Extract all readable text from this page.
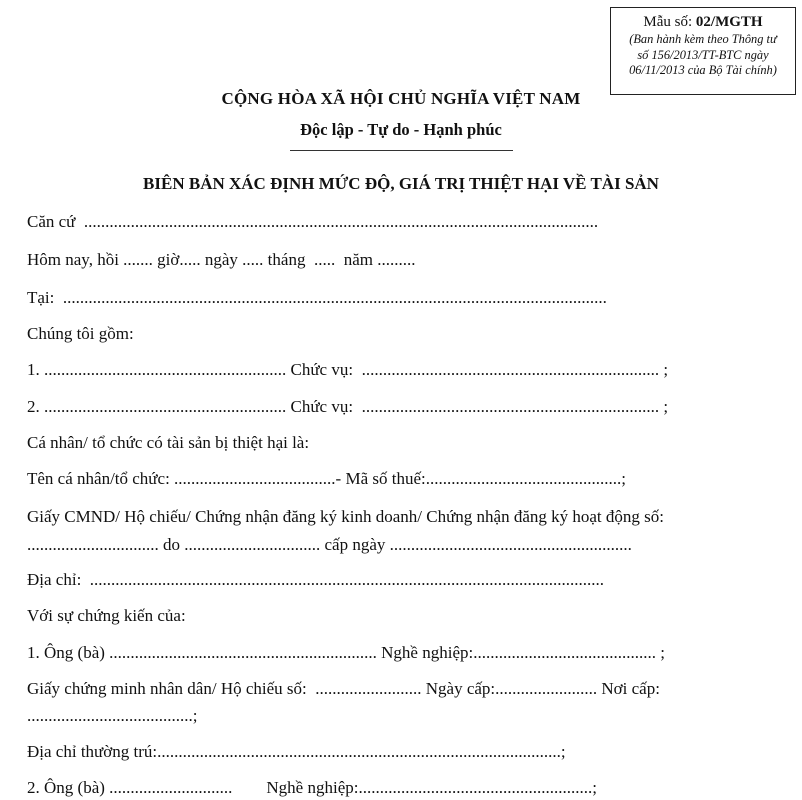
Mẫu số: 02/MGTH
(Ban hành kèm theo Thông tư
số 156/2013/TT-BTC ngày
06/11/2013 của Bộ Tài chính)
CỘNG HÒA XÃ HỘI CHỦ NGHĨA VIỆT NAM
Độc lập - Tự do - Hạnh phúc
BIÊN BẢN XÁC ĐỊNH MỨC ĐỘ, GIÁ TRỊ THIỆT HẠI VỀ TÀI SẢN
Căn cứ  .........................................................................................................................
Hôm nay, hồi ....... giờ..... ngày ..... tháng  .....  năm .........
Tại:  ................................................................................................................................
Chúng tôi gồm:
1. ......................................................... Chức vụ:  ...................................................................... ;
2. ......................................................... Chức vụ:  ...................................................................... ;
Cá nhân/ tổ chức có tài sản bị thiệt hại là:
Tên cá nhân/tổ chức: ......................................- Mã số thuế:..............................................;
Giấy CMND/ Hộ chiếu/ Chứng nhận đăng ký kinh doanh/ Chứng nhận đăng ký hoạt động số:
............................... do ................................ cấp ngày .........................................................
Địa chỉ:  .........................................................................................................................
Với sự chứng kiến của:
1. Ông (bà) ............................................................... Nghề nghiệp:........................................... ;
Giấy chứng minh nhân dân/ Hộ chiếu số:  ......................... Ngày cấp:........................ Nơi cấp:
.......................................;
Địa chỉ thường trú:...............................................................................................;
2. Ông (bà) .............................        Nghề nghiệp:.......................................................;
